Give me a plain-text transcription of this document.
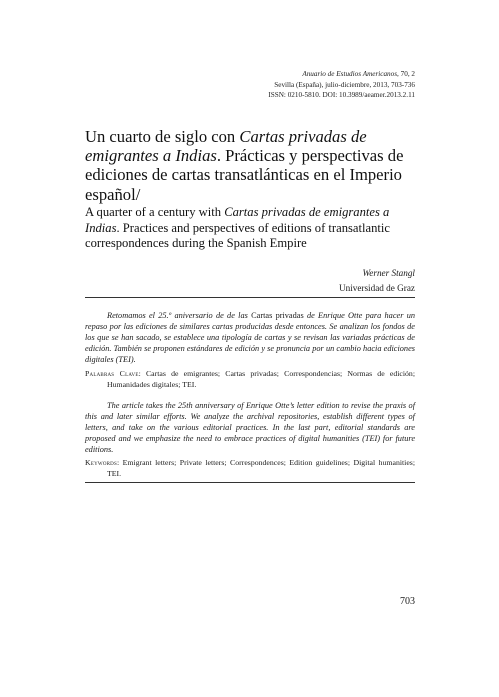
Anuario de Estudios Americanos, 70, 2
Sevilla (España), julio-diciembre, 2013, 703-736
ISSN: 0210-5810. DOI: 10.3989/aeamer.2013.2.11
Un cuarto de siglo con Cartas privadas de emigrantes a Indias. Prácticas y perspectivas de ediciones de cartas transatlánticas en el Imperio español/
A quarter of a century with Cartas privadas de emigrantes a Indias. Practices and perspectives of editions of transatlantic correspondences during the Spanish Empire
Werner Stangl
Universidad de Graz

Retomamos el 25.º aniversario de de las Cartas privadas de Enrique Otte para hacer un repaso por las ediciones de similares cartas producidas desde entonces. Se analizan los fondos de los que se han sacado, se establece una tipología de cartas y se revisan las variadas prácticas de edición. También se proponen estándares de edición y se pronuncia por un cambio hacia ediciones digitales (TEI).

Palabras Clave: Cartas de emigrantes; Cartas privadas; Correspondencias; Normas de edición; Humanidades digitales; TEI.

The article takes the 25th anniversary of Enrique Otte’s letter edition to revise the praxis of this and later similar efforts. We analyze the archival repositories, establish different types of letters, and take on the various editorial practices. In the last part, editorial standards are proposed and we emphasize the need to embrace practices of digital humanities (TEI) for future editions.

Keywords: Emigrant letters; Private letters; Correspondences; Edition guidelines; Digital humanities; TEI.

703
